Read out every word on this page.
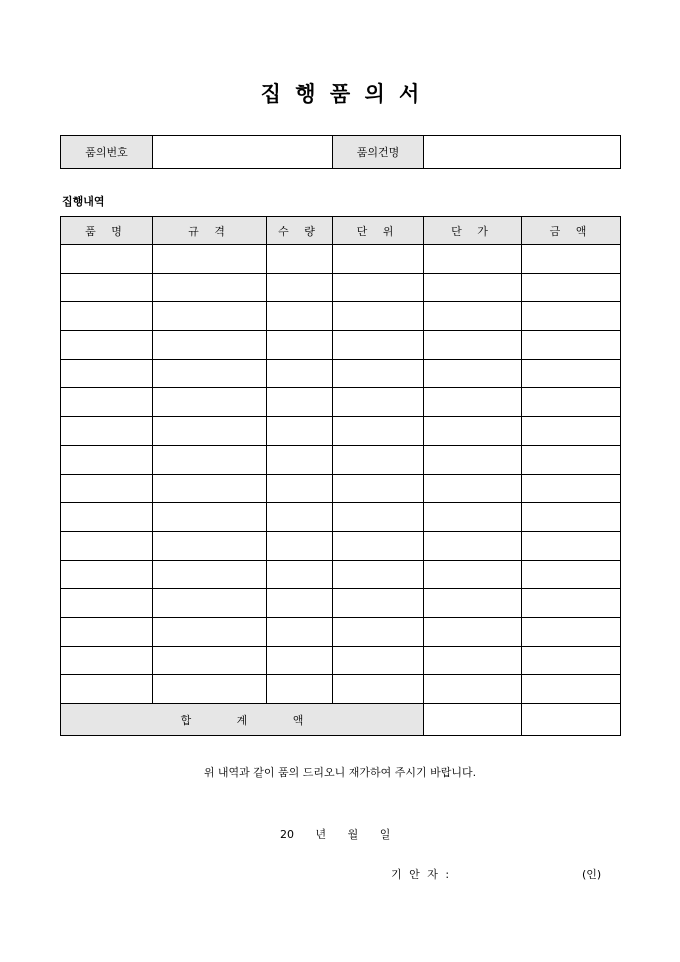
집 행 품 의 서
품의번호		품의건명	
집행내역
품 명	규 격	수 량	단 위	단 가	금 액

합 계 액					
위 내역과 같이 품의 드리오니 재가하여 주시기 바랍니다.
20 년 월 일
기 안 자 :	(인)
